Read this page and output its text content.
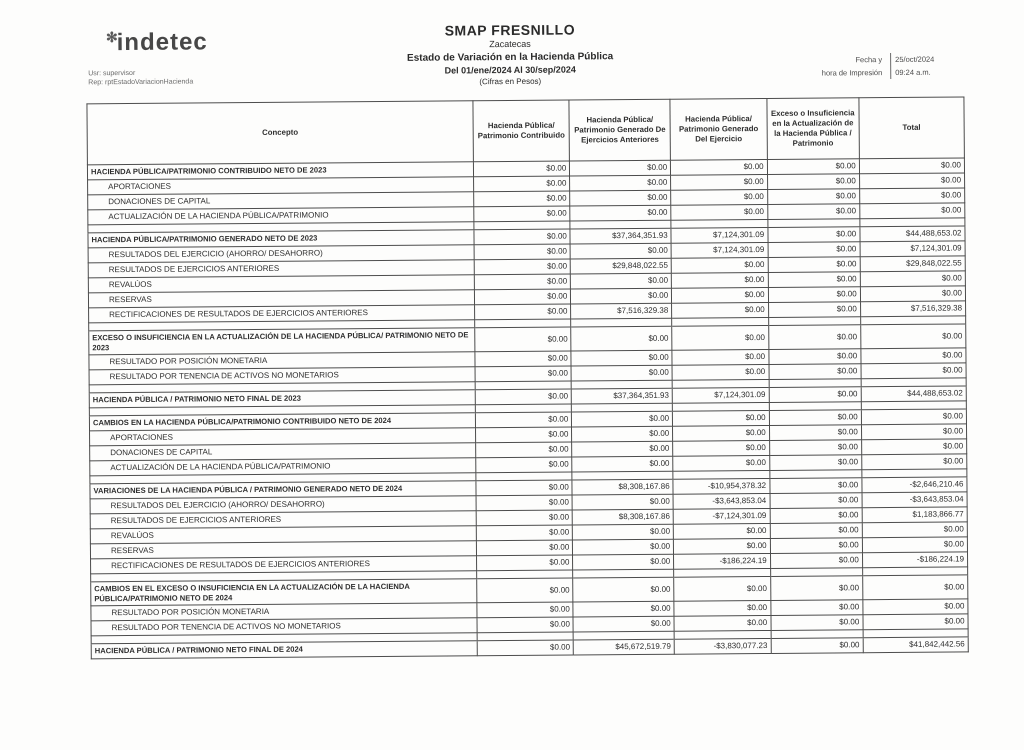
✻indetec
Usr: supervisor
Rep: rptEstadoVariacionHacienda
Fecha y	25/oct/2024
hora de Impresión	09:24 a.m.
SMAP FRESNILLO
Zacatecas
Estado de Variación en la Hacienda Pública
Del 01/ene/2024 Al 30/sep/2024
(Cifras en Pesos)
Concepto	Hacienda Pública/ Patrimonio Contribuido	Hacienda Pública/ Patrimonio Generado De Ejercicios Anteriores	Hacienda Pública/ Patrimonio Generado Del Ejercicio	Exceso o Insuficiencia en la Actualización de la Hacienda Pública / Patrimonio	Total
HACIENDA PÚBLICA/PATRIMONIO CONTRIBUIDO NETO DE 2023	$0.00	$0.00	$0.00	$0.00	$0.00
APORTACIONES	$0.00	$0.00	$0.00	$0.00	$0.00
DONACIONES DE CAPITAL	$0.00	$0.00	$0.00	$0.00	$0.00
ACTUALIZACIÓN DE LA HACIENDA PÚBLICA/PATRIMONIO	$0.00	$0.00	$0.00	$0.00	$0.00

HACIENDA PÚBLICA/PATRIMONIO GENERADO NETO DE 2023	$0.00	$37,364,351.93	$7,124,301.09	$0.00	$44,488,653.02
RESULTADOS DEL EJERCICIO (AHORRO/ DESAHORRO)	$0.00	$0.00	$7,124,301.09	$0.00	$7,124,301.09
RESULTADOS DE EJERCICIOS ANTERIORES	$0.00	$29,848,022.55	$0.00	$0.00	$29,848,022.55
REVALÚOS	$0.00	$0.00	$0.00	$0.00	$0.00
RESERVAS	$0.00	$0.00	$0.00	$0.00	$0.00
RECTIFICACIONES DE RESULTADOS DE EJERCICIOS ANTERIORES	$0.00	$7,516,329.38	$0.00	$0.00	$7,516,329.38

EXCESO O INSUFICIENCIA EN LA ACTUALIZACIÓN DE LA HACIENDA PÚBLICA/ PATRIMONIO NETO DE 2023	$0.00	$0.00	$0.00	$0.00	$0.00
RESULTADO POR POSICIÓN MONETARIA	$0.00	$0.00	$0.00	$0.00	$0.00
RESULTADO POR TENENCIA DE ACTIVOS NO MONETARIOS	$0.00	$0.00	$0.00	$0.00	$0.00

HACIENDA PÚBLICA / PATRIMONIO NETO FINAL DE 2023	$0.00	$37,364,351.93	$7,124,301.09	$0.00	$44,488,653.02

CAMBIOS EN LA HACIENDA PÚBLICA/PATRIMONIO CONTRIBUIDO NETO DE 2024	$0.00	$0.00	$0.00	$0.00	$0.00
APORTACIONES	$0.00	$0.00	$0.00	$0.00	$0.00
DONACIONES DE CAPITAL	$0.00	$0.00	$0.00	$0.00	$0.00
ACTUALIZACIÓN DE LA HACIENDA PÚBLICA/PATRIMONIO	$0.00	$0.00	$0.00	$0.00	$0.00

VARIACIONES DE LA HACIENDA PÚBLICA / PATRIMONIO GENERADO NETO DE 2024	$0.00	$8,308,167.86	-$10,954,378.32	$0.00	-$2,646,210.46
RESULTADOS DEL EJERCICIO (AHORRO/ DESAHORRO)	$0.00	$0.00	-$3,643,853.04	$0.00	-$3,643,853.04
RESULTADOS DE EJERCICIOS ANTERIORES	$0.00	$8,308,167.86	-$7,124,301.09	$0.00	$1,183,866.77
REVALÚOS	$0.00	$0.00	$0.00	$0.00	$0.00
RESERVAS	$0.00	$0.00	$0.00	$0.00	$0.00
RECTIFICACIONES DE RESULTADOS DE EJERCICIOS ANTERIORES	$0.00	$0.00	-$186,224.19	$0.00	-$186,224.19

CAMBIOS EN EL EXCESO O INSUFICIENCIA EN LA ACTUALIZACIÓN DE LA HACIENDA PÚBLICA/PATRIMONIO NETO DE 2024	$0.00	$0.00	$0.00	$0.00	$0.00
RESULTADO POR POSICIÓN MONETARIA	$0.00	$0.00	$0.00	$0.00	$0.00
RESULTADO POR TENENCIA DE ACTIVOS NO MONETARIOS	$0.00	$0.00	$0.00	$0.00	$0.00

HACIENDA PÚBLICA / PATRIMONIO NETO FINAL DE 2024	$0.00	$45,672,519.79	-$3,830,077.23	$0.00	$41,842,442.56
